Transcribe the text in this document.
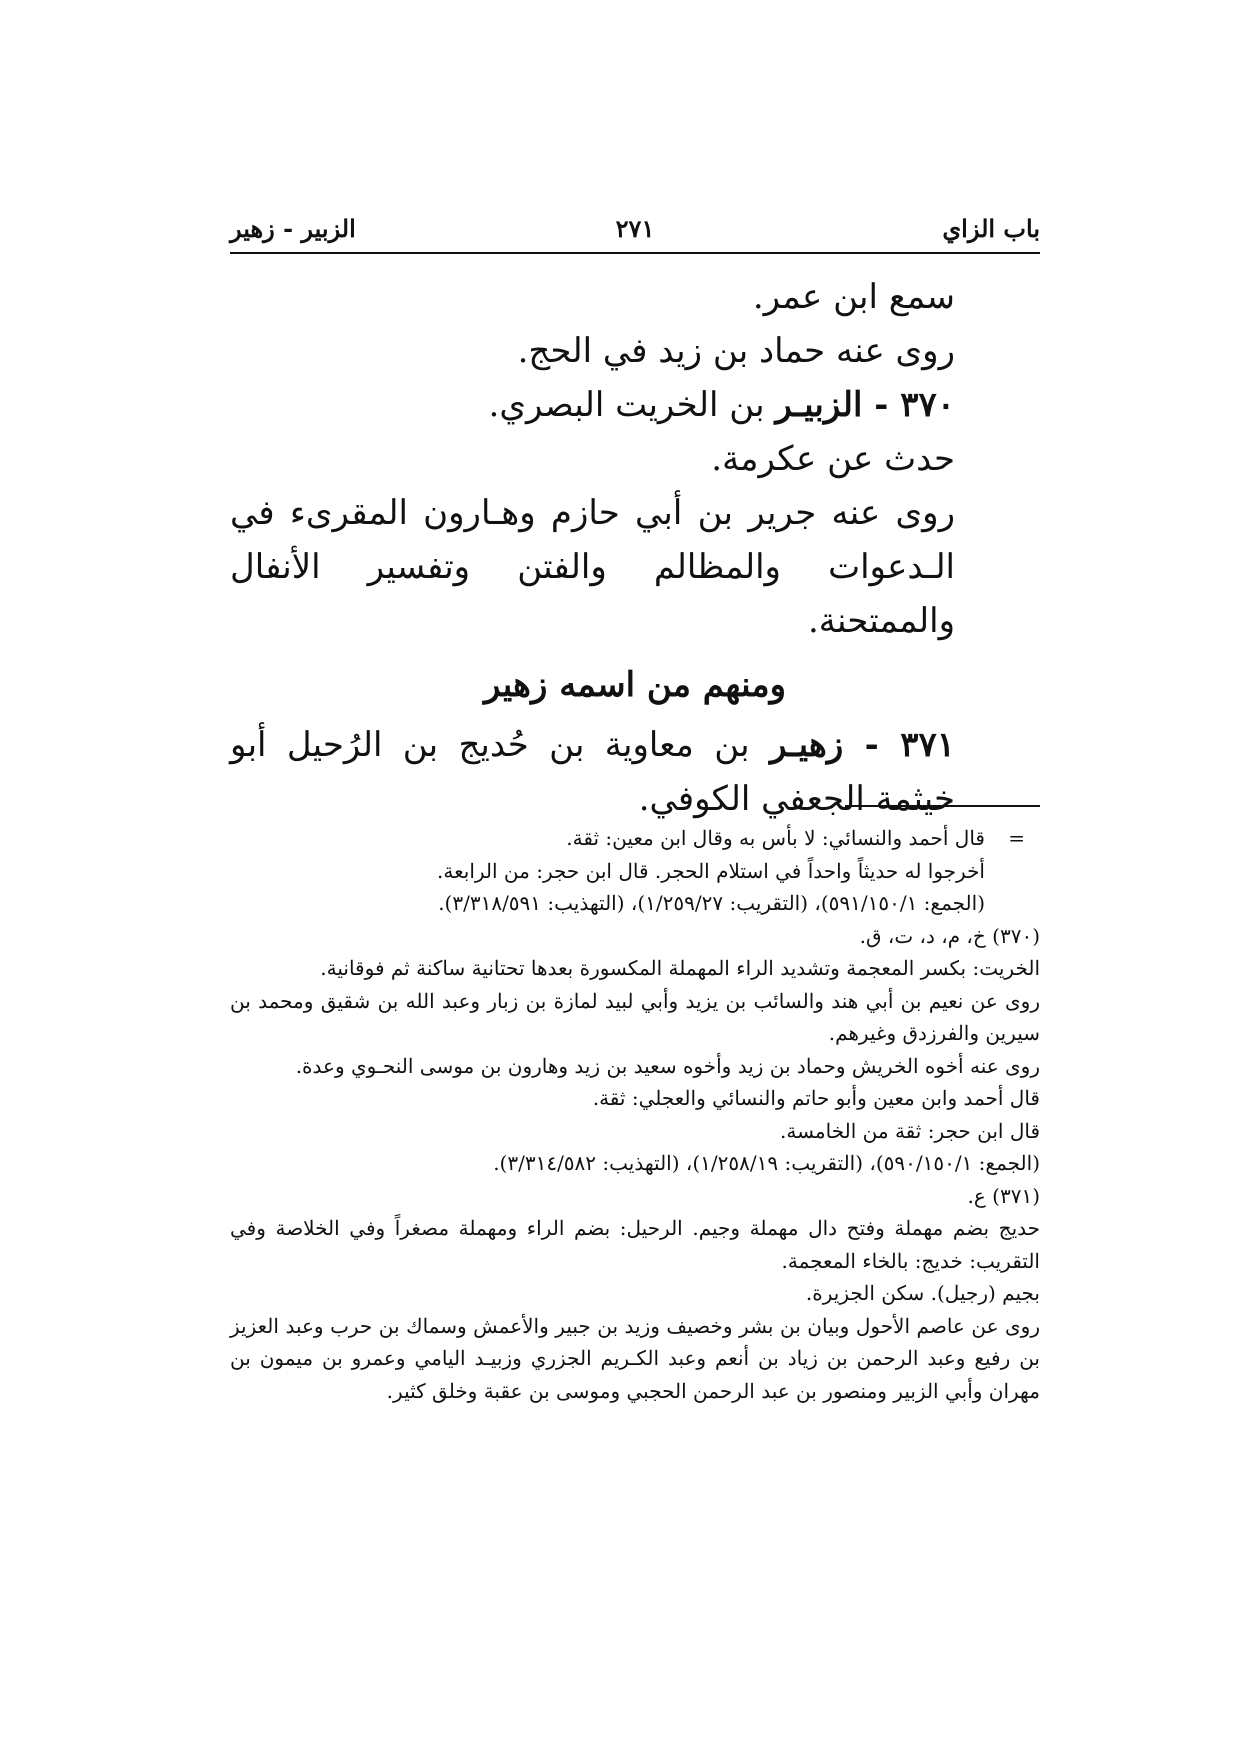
باب الزاي
٢٧١
الزبير - زهير

سمع ابن عمر.

روى عنه حماد بن زيد في الحج.

٣٧٠ - الزبيـر بن الخريت البصري.

حدث عن عكرمة.

روى عنه جرير بن أبي حازم وهـارون المقرىء في الـدعوات والمظالم والفتن وتفسير الأنفال والممتحنة.

ومنهم من اسمه زهير

٣٧١ - زهيـر بن معاوية بن حُديج بن الرُحيل أبو خيثمة الجعفي الكوفي.

=
قال أحمد والنسائي: لا بأس به وقال ابن معين: ثقة.

أخرجوا له حديثاً واحداً في استلام الحجر. قال ابن حجر: من الرابعة.

(الجمع: ٥٩١/١٥٠/١)، (التقريب: ١/٢٥٩/٢٧)، (التهذيب: ٣/٣١٨/٥٩١).

(٣٧٠) خ، م، د، ت، ق.

الخريت: بكسر المعجمة وتشديد الراء المهملة المكسورة بعدها تحتانية ساكنة ثم فوقانية.

روى عن نعيم بن أبي هند والسائب بن يزيد وأبي لبيد لمازة بن زبار وعبد الله بن شقيق ومحمد بن سيرين والفرزدق وغيرهم.

روى عنه أخوه الخريش وحماد بن زيد وأخوه سعيد بن زيد وهارون بن موسى النحـوي وعدة.

قال أحمد وابن معين وأبو حاتم والنسائي والعجلي: ثقة.

قال ابن حجر: ثقة من الخامسة.

(الجمع: ٥٩٠/١٥٠/١)، (التقريب: ١/٢٥٨/١٩)، (التهذيب: ٣/٣١٤/٥٨٢).

(٣٧١) ع.

حديج بضم مهملة وفتح دال مهملة وجيم. الرحيل: بضم الراء ومهملة مصغراً وفي الخلاصة وفي التقريب: خديج: بالخاء المعجمة.

بجيم (رجيل). سكن الجزيرة.

روى عن عاصم الأحول وبيان بن بشر وخصيف وزيد بن جبير والأعمش وسماك بن حرب وعبد العزيز بن رفيع وعبد الرحمن بن زياد بن أنعم وعبد الكـريم الجزري وزبيـد اليامي وعمرو بن ميمون بن مهران وأبي الزبير ومنصور بن عبد الرحمن الحجبي وموسى بن عقبة وخلق كثير.
